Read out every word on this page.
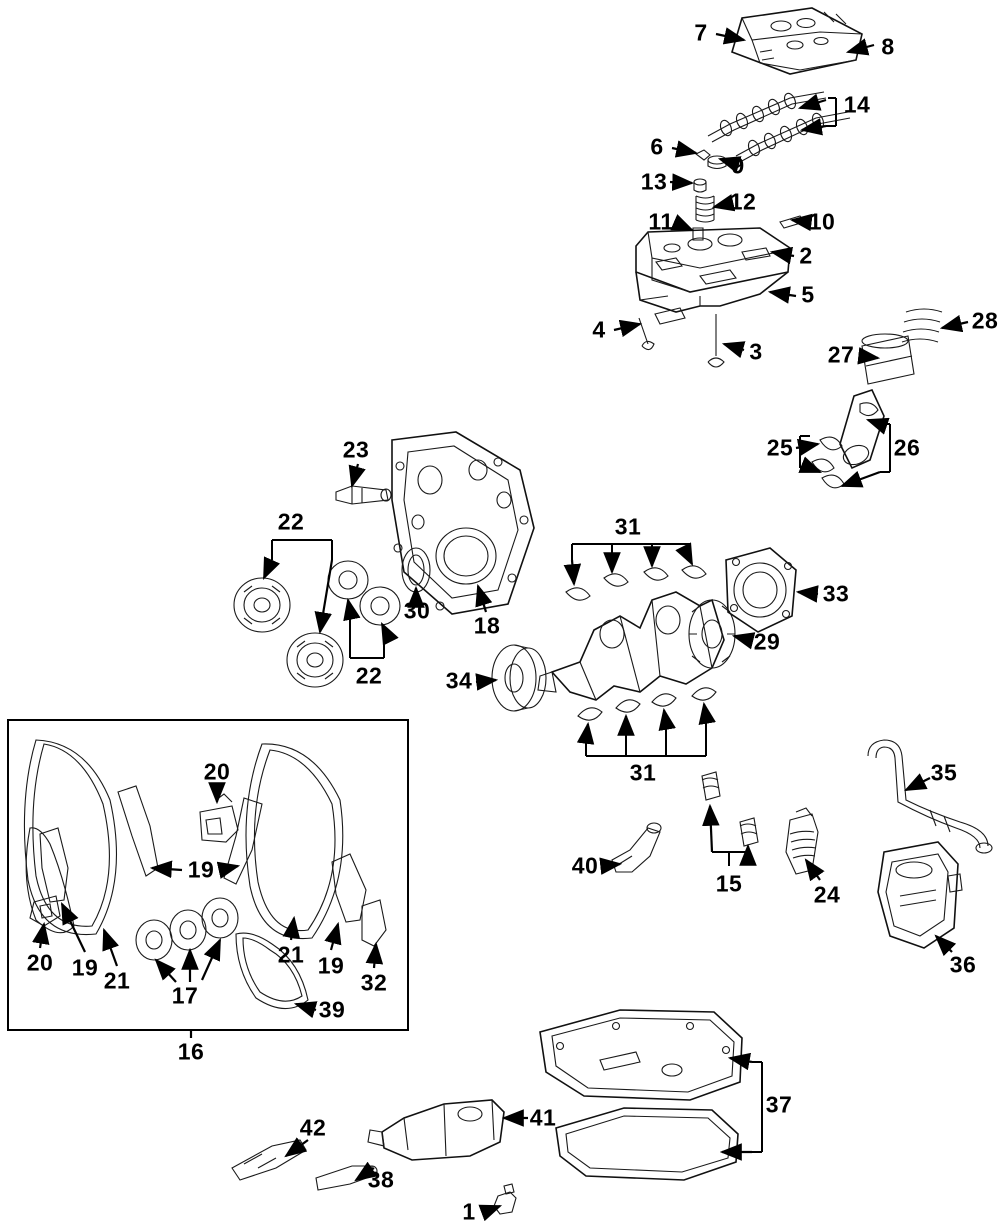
7
8
14
6
9
13
12
11	10
2
5
4
3
28
27
25	26
23
22	31
30
18
33
29
22	34
31
20	35
19	40
15	24
20 19 21
17
21 19
32
36
39
16
37
42	41
38
1
